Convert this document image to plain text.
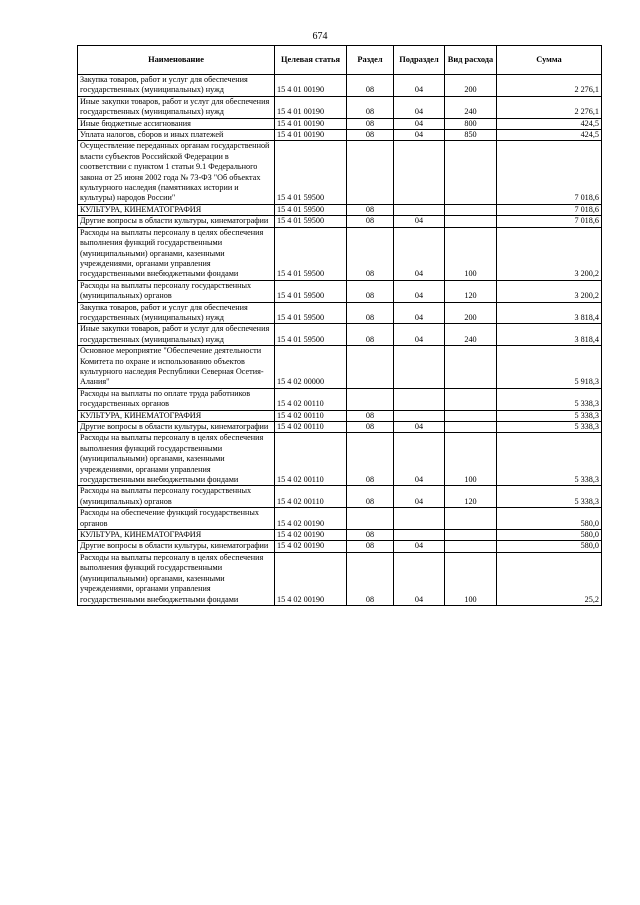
674
Наименование	Целевая статья	Раздел	Подраздел	Вид расхода	Сумма
Закупка товаров, работ и услуг для обеспечения государственных (муниципальных) нужд	15 4 01 00190	08	04	200	2 276,1
Иные закупки товаров, работ и услуг для обеспечения государственных (муниципальных) нужд	15 4 01 00190	08	04	240	2 276,1
Иные бюджетные ассигнования	15 4 01 00190	08	04	800	424,5
Уплата налогов, сборов и иных платежей	15 4 01 00190	08	04	850	424,5
Осуществление переданных органам государственной власти субъектов Российской Федерации в соответствии с пунктом 1 статьи 9.1 Федерального закона от 25 июня 2002 года № 73-ФЗ "Об объектах культурного наследия (памятниках истории и культуры) народов России"	15 4 01 59500				7 018,6
КУЛЬТУРА, КИНЕМАТОГРАФИЯ	15 4 01 59500	08			7 018,6
Другие вопросы в области культуры, кинематографии	15 4 01 59500	08	04		7 018,6
Расходы на выплаты персоналу в целях обеспечения выполнения функций государственными (муниципальными) органами, казенными учреждениями, органами управления государственными внебюджетными фондами	15 4 01 59500	08	04	100	3 200,2
Расходы на выплаты персоналу государственных (муниципальных) органов	15 4 01 59500	08	04	120	3 200,2
Закупка товаров, работ и услуг для обеспечения государственных (муниципальных) нужд	15 4 01 59500	08	04	200	3 818,4
Иные закупки товаров, работ и услуг для обеспечения государственных (муниципальных) нужд	15 4 01 59500	08	04	240	3 818,4
Основное мероприятие "Обеспечение деятельности Комитета по охране и использованию объектов культурного наследия Республики Северная Осетия-Алания"	15 4 02 00000				5 918,3
Расходы на выплаты по оплате труда работников государственных органов	15 4 02 00110				5 338,3
КУЛЬТУРА, КИНЕМАТОГРАФИЯ	15 4 02 00110	08			5 338,3
Другие вопросы в области культуры, кинематографии	15 4 02 00110	08	04		5 338,3
Расходы на выплаты персоналу в целях обеспечения выполнения функций государственными (муниципальными) органами, казенными учреждениями, органами управления государственными внебюджетными фондами	15 4 02 00110	08	04	100	5 338,3
Расходы на выплаты персоналу государственных (муниципальных) органов	15 4 02 00110	08	04	120	5 338,3
Расходы на обеспечение функций государственных органов	15 4 02 00190				580,0
КУЛЬТУРА, КИНЕМАТОГРАФИЯ	15 4 02 00190	08			580,0
Другие вопросы в области культуры, кинематографии	15 4 02 00190	08	04		580,0
Расходы на выплаты персоналу в целях обеспечения выполнения функций государственными (муниципальными) органами, казенными учреждениями, органами управления государственными внебюджетными фондами	15 4 02 00190	08	04	100	25,2
